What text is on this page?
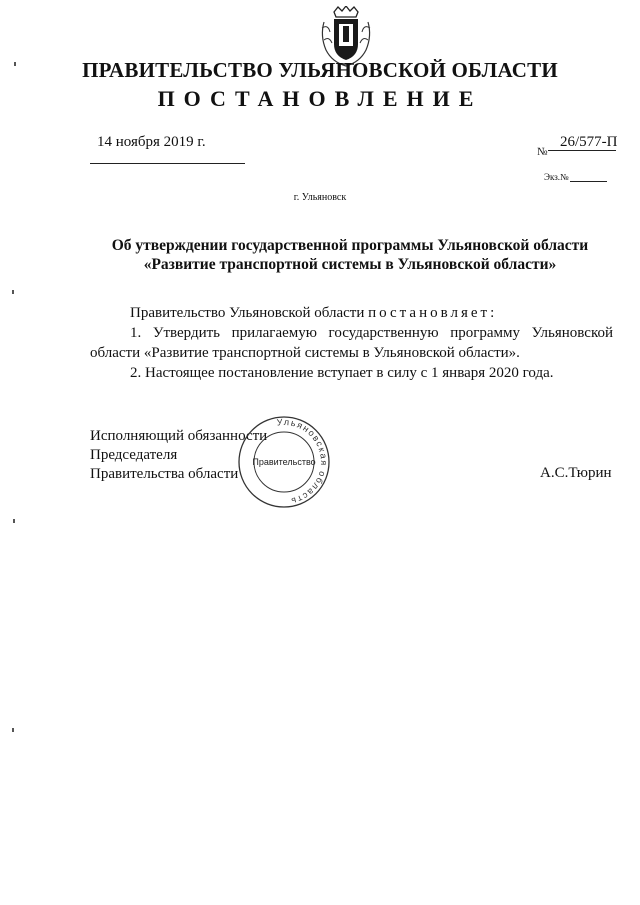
ПРАВИТЕЛЬСТВО УЛЬЯНОВСКОЙ ОБЛАСТИ
ПОСТАНОВЛЕНИЕ
14 ноября 2019 г.
№
26/577-П
Экз.№
г. Ульяновск
Об утверждении государственной программы Ульяновской области
«Развитие транспортной системы в Ульяновской области»
Правительство Ульяновской области постановляет:
1. Утвердить прилагаемую государственную программу Ульяновской
области «Развитие транспортной системы в Ульяновской области».
2. Настоящее постановление вступает в силу с 1 января 2020 года.
Исполняющий обязанности
Председателя
Правительства области	А.С.Тюрин
Ульяновская область
Правительство
